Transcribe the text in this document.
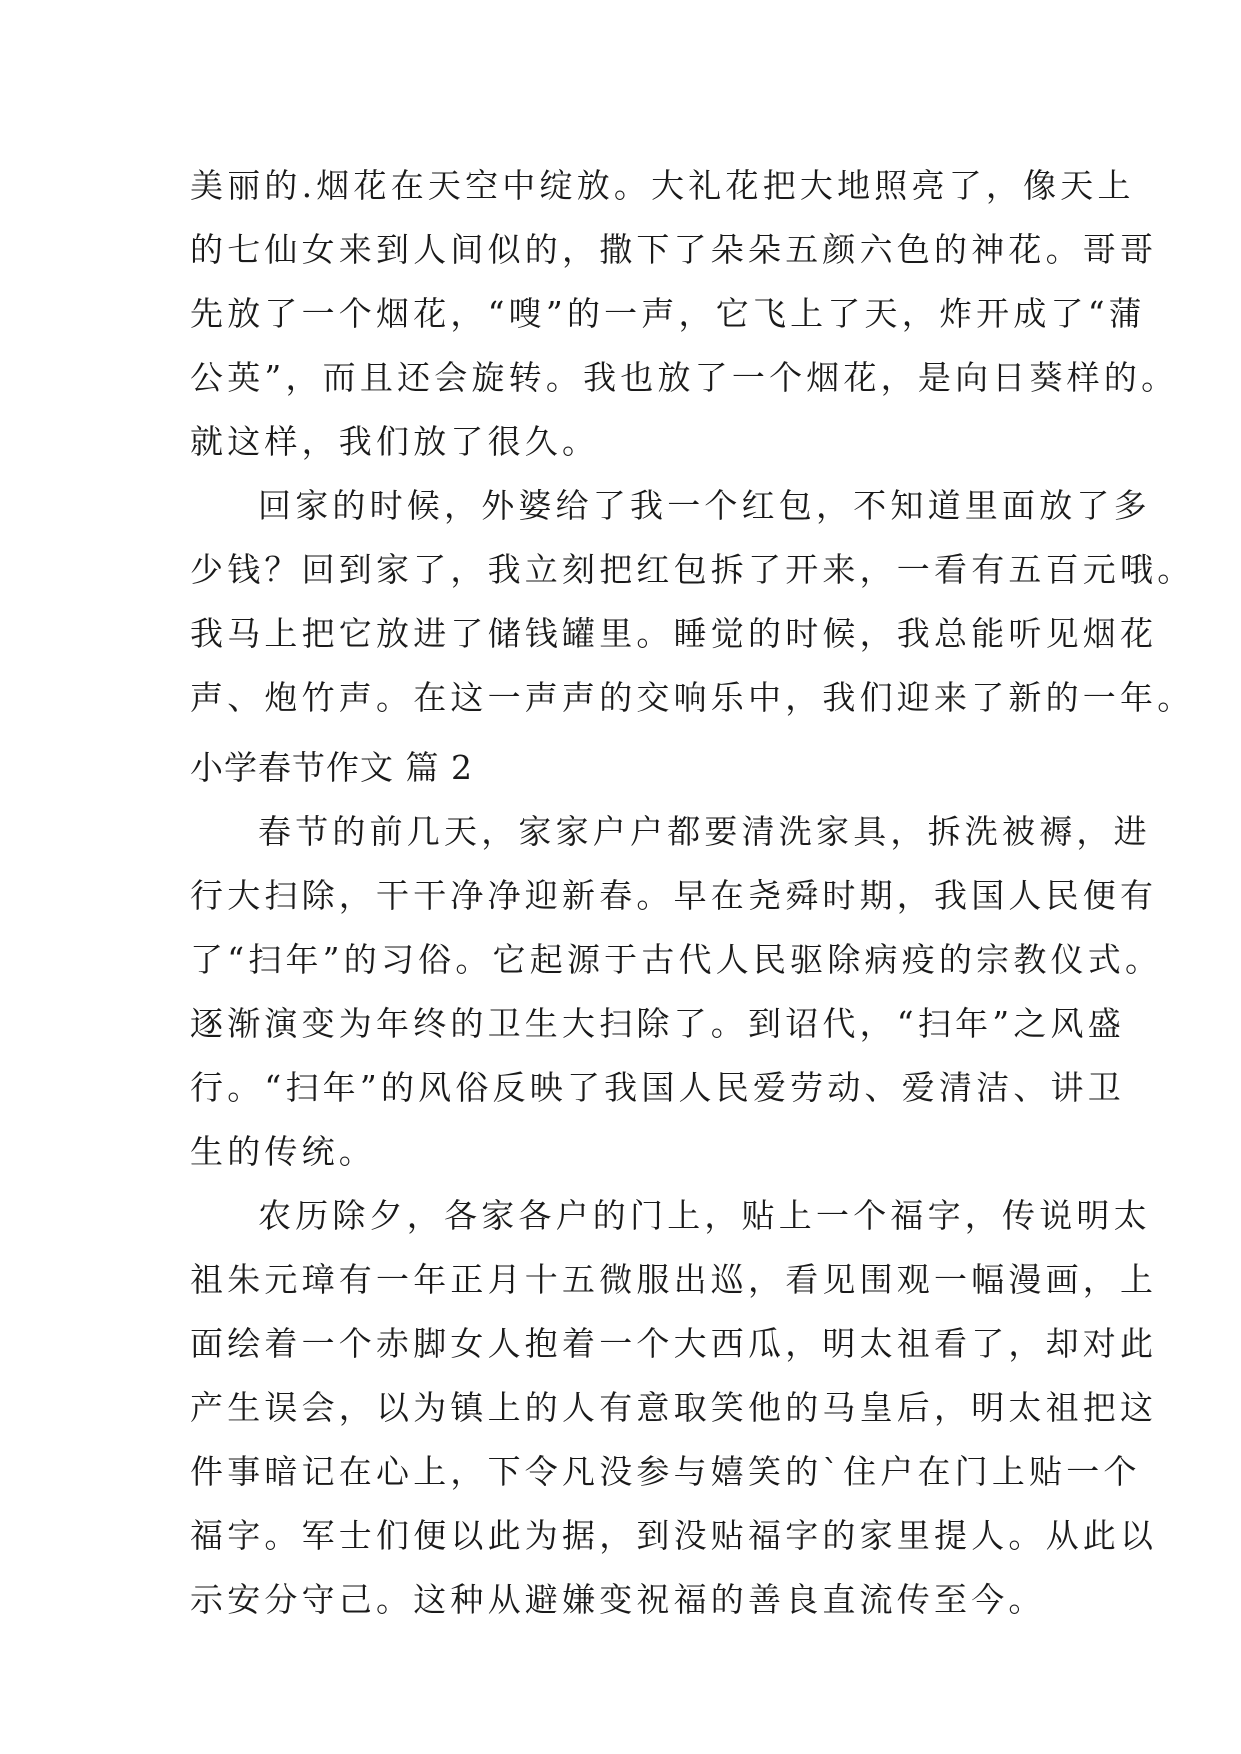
美丽的.烟花在天空中绽放。大礼花把大地照亮了，像天上
的七仙女来到人间似的，撒下了朵朵五颜六色的神花。哥哥
先放了一个烟花，“嗖”的一声，它飞上了天，炸开成了“蒲
公英”，而且还会旋转。我也放了一个烟花，是向日葵样的。
就这样，我们放了很久。
回家的时候，外婆给了我一个红包，不知道里面放了多
少钱？回到家了，我立刻把红包拆了开来，一看有五百元哦。
我马上把它放进了储钱罐里。睡觉的时候，我总能听见烟花
声、炮竹声。在这一声声的交响乐中，我们迎来了新的一年。
小学春节作文 篇 2
春节的前几天，家家户户都要清洗家具，拆洗被褥，进
行大扫除，干干净净迎新春。早在尧舜时期，我国人民便有
了“扫年”的习俗。它起源于古代人民驱除病疫的宗教仪式。
逐渐演变为年终的卫生大扫除了。到诏代，“扫年”之风盛
行。“扫年”的风俗反映了我国人民爱劳动、爱清洁、讲卫
生的传统。
农历除夕，各家各户的门上，贴上一个福字，传说明太
祖朱元璋有一年正月十五微服出巡，看见围观一幅漫画，上
面绘着一个赤脚女人抱着一个大西瓜，明太祖看了，却对此
产生误会，以为镇上的人有意取笑他的马皇后，明太祖把这
件事暗记在心上，下令凡没参与嬉笑的`住户在门上贴一个
福字。军士们便以此为据，到没贴福字的家里提人。从此以
示安分守己。这种从避嫌变祝福的善良直流传至今。
